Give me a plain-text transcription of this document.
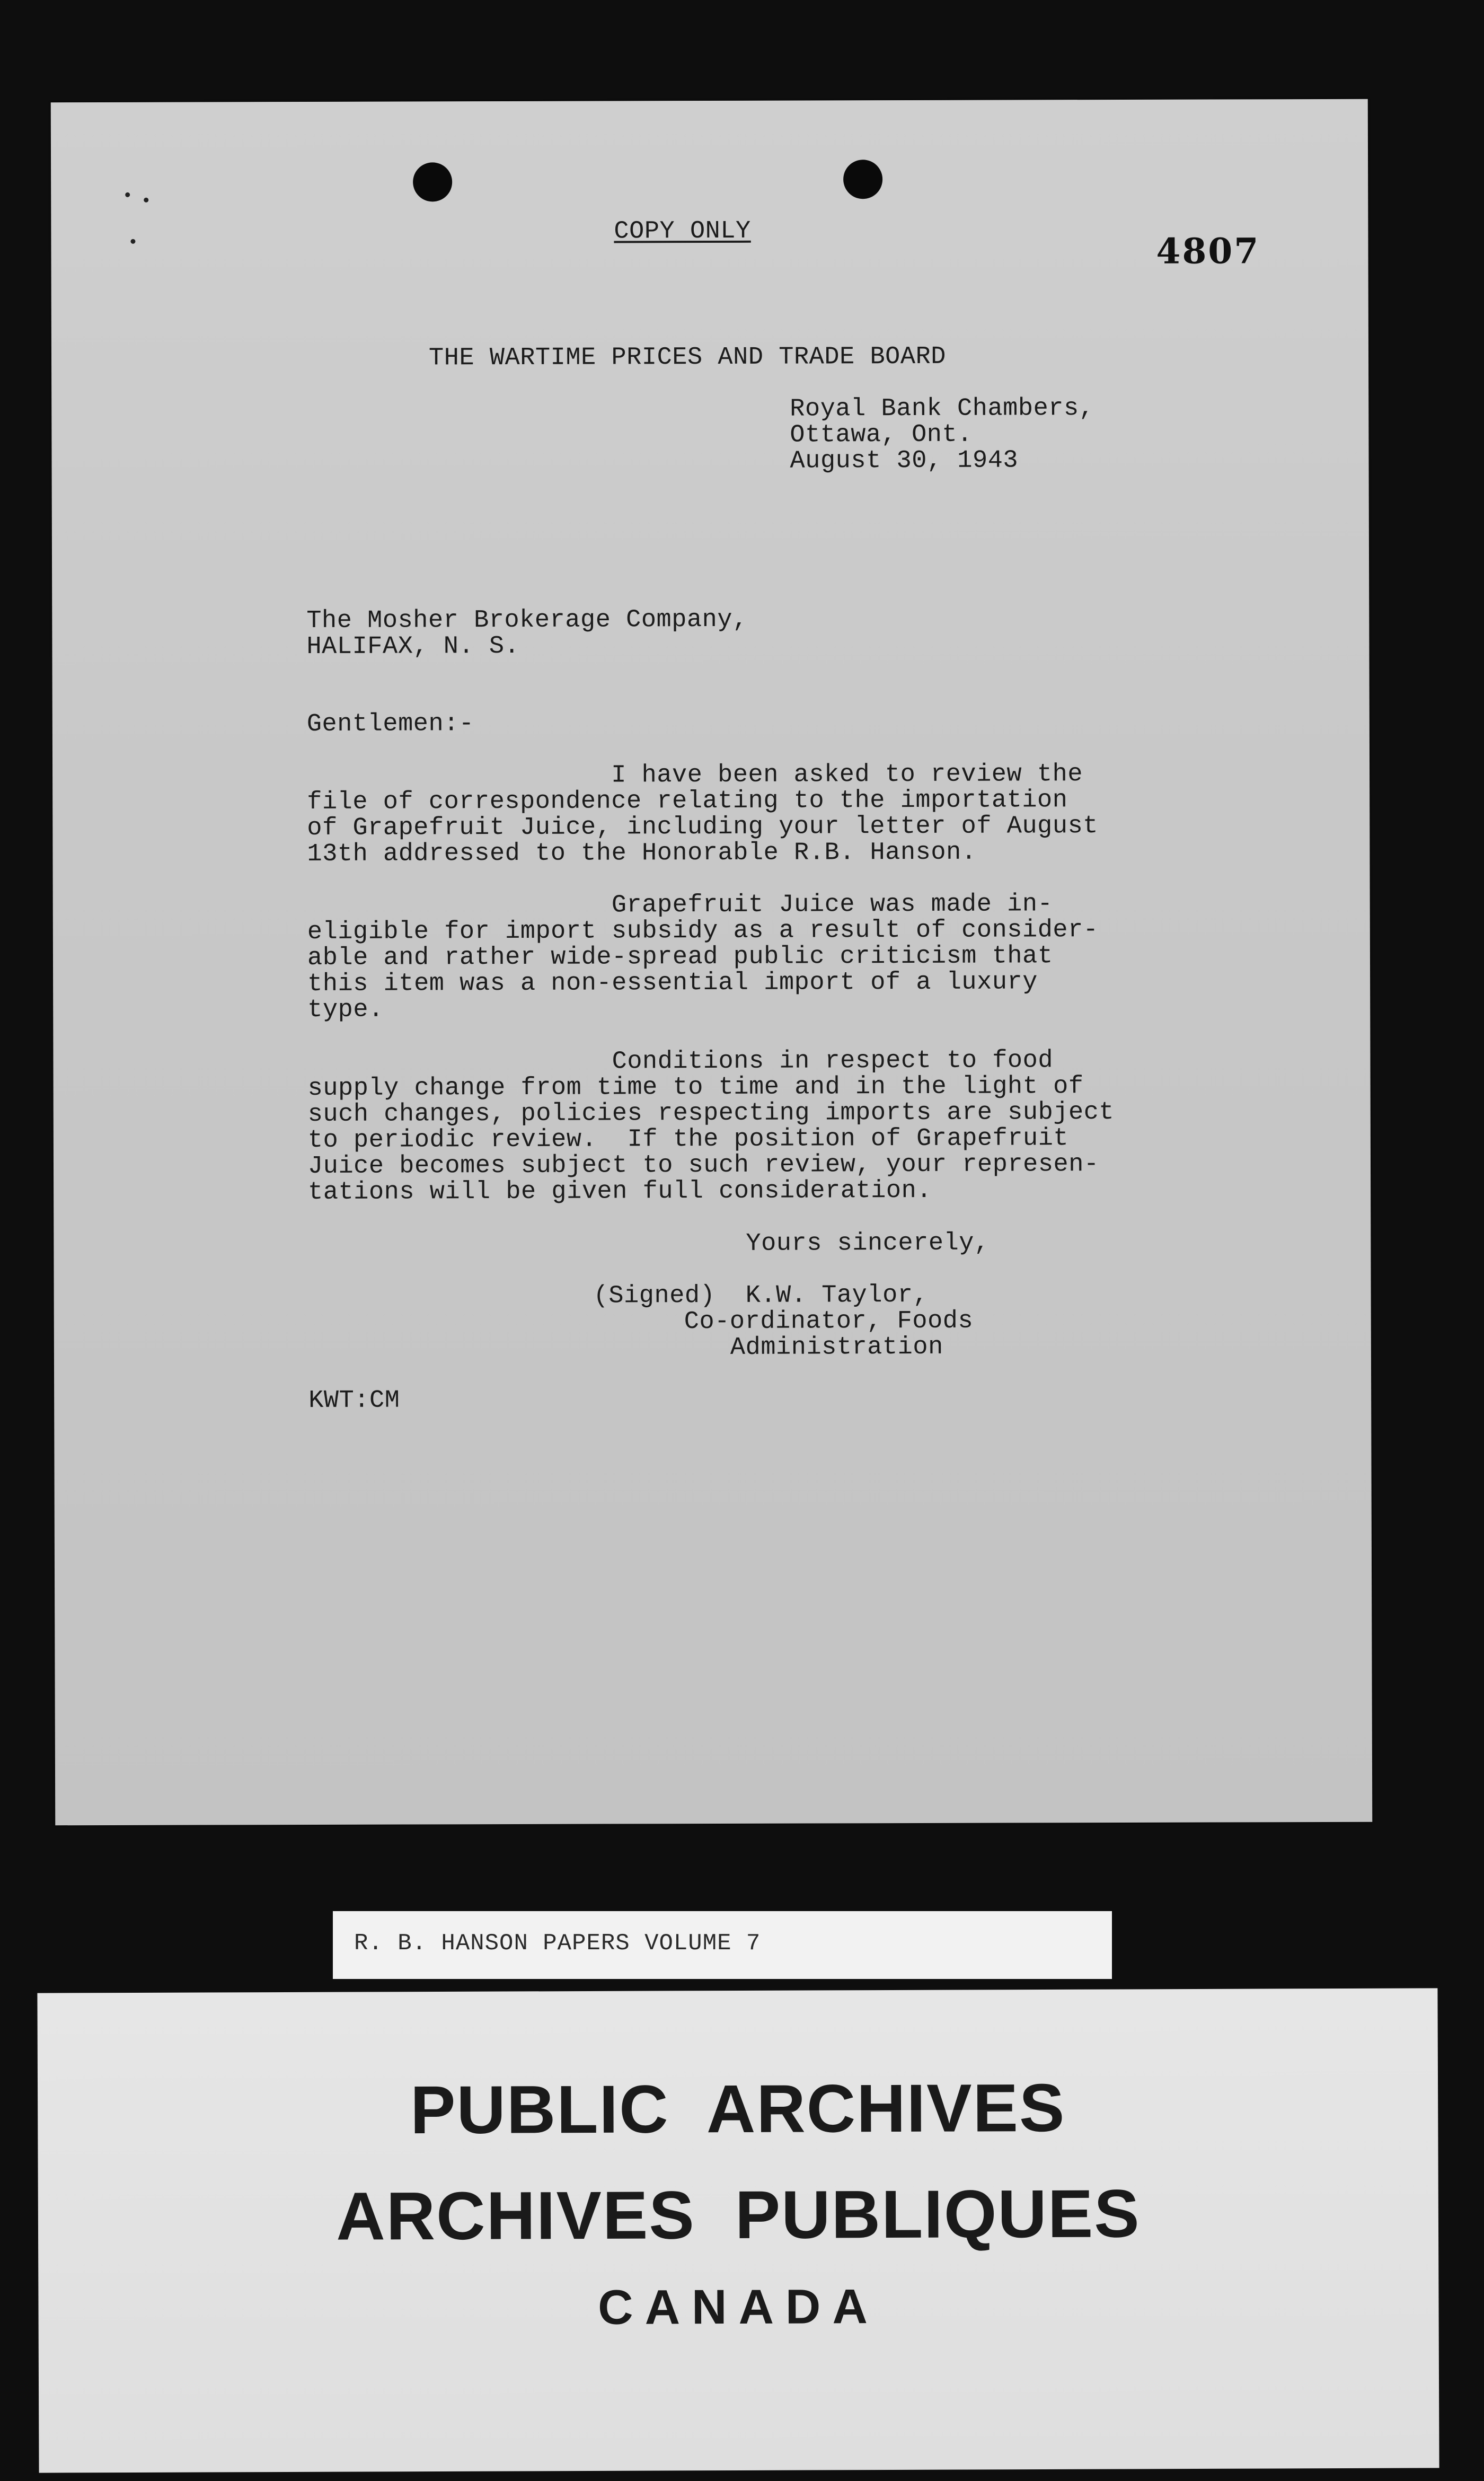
COPY ONLY	4807
THE WARTIME PRICES AND TRADE BOARD
Royal Bank Chambers,
Ottawa, Ont.
August 30, 1943
The Mosher Brokerage Company,
HALIFAX, N. S.
Gentlemen:-
I have been asked to review the
file of correspondence relating to the importation
of Grapefruit Juice, including your letter of August
13th addressed to the Honorable R.B. Hanson.
Grapefruit Juice was made in-
eligible for import subsidy as a result of consider-
able and rather wide-spread public criticism that
this item was a non-essential import of a luxury
type.
Conditions in respect to food
supply change from time to time and in the light of
such changes, policies respecting imports are subject
to periodic review.  If the position of Grapefruit
Juice becomes subject to such review, your represen-
tations will be given full consideration.
Yours sincerely,
(Signed)  K.W. Taylor,
Co-ordinator, Foods
Administration
KWT:CM
R. B. HANSON PAPERS VOLUME 7
PUBLIC  ARCHIVES
ARCHIVES  PUBLIQUES
CANADA
